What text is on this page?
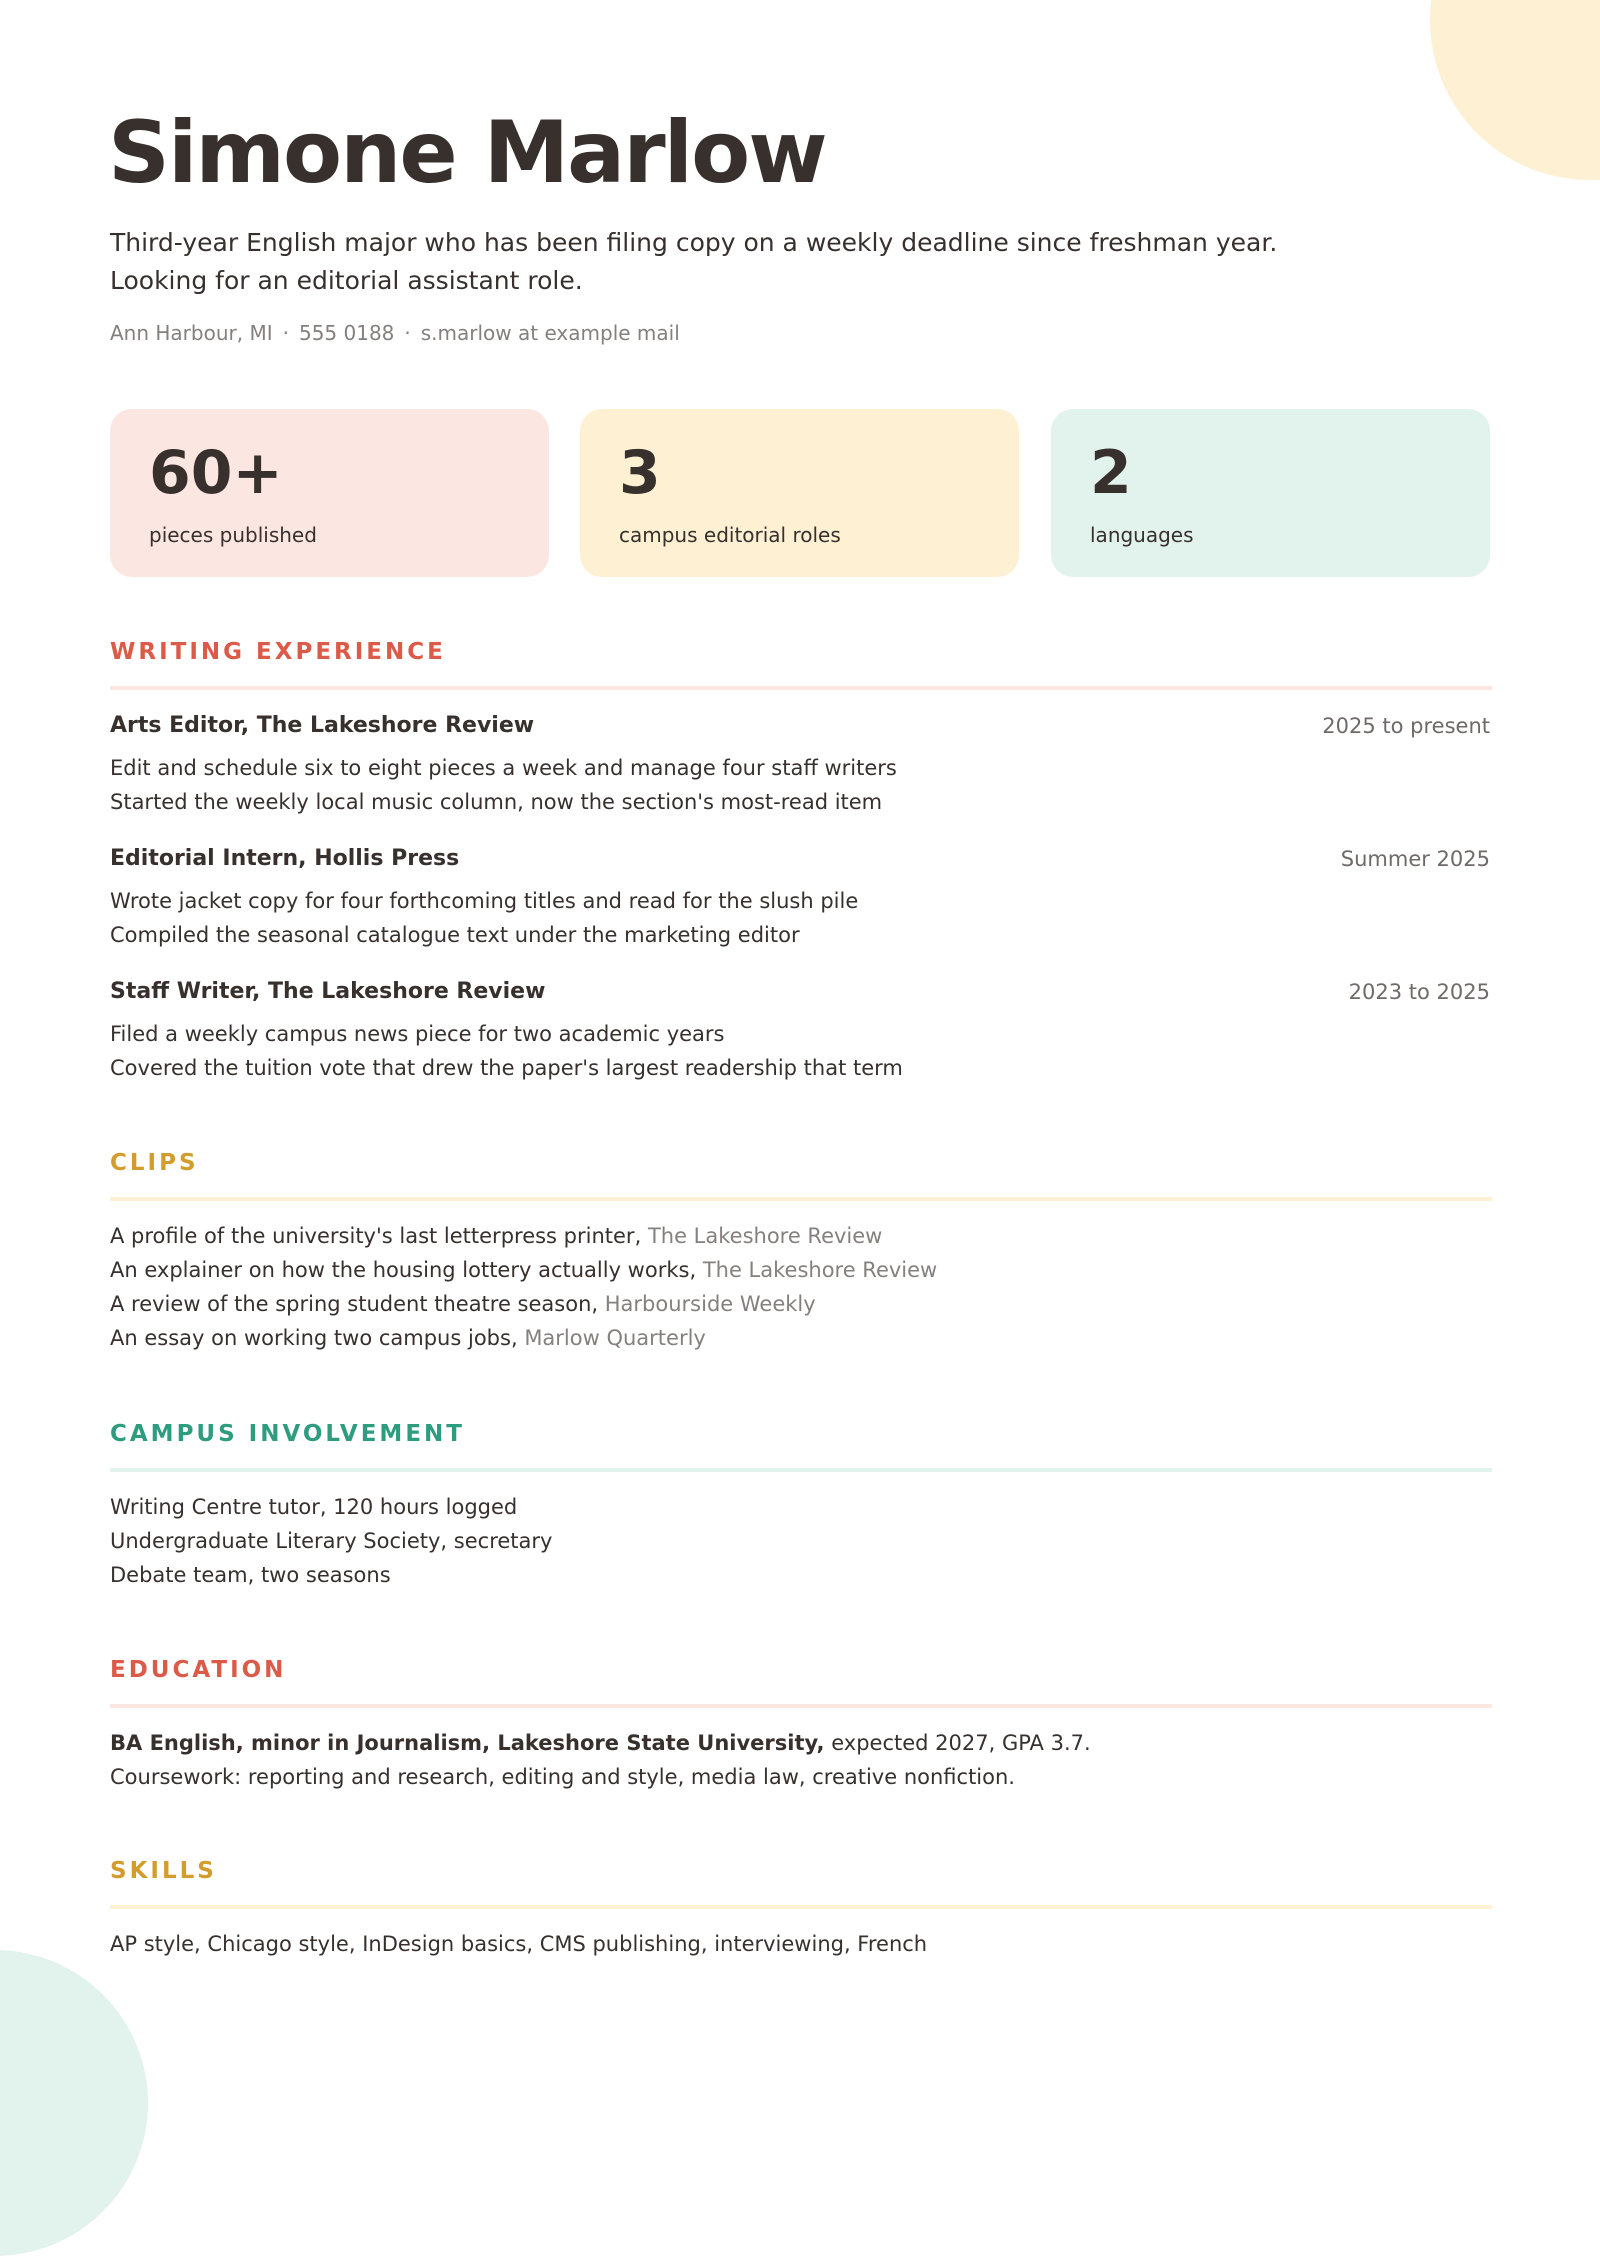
Simone Marlow

Third-year English major who has been filing copy on a weekly deadline since freshman year.
Looking for an editorial assistant role.

Ann Harbour, MI · 555 0188 · s.marlow at example mail

60+
pieces published
3
campus editorial roles
2
languages
WRITING EXPERIENCE
Arts Editor, The Lakeshore Review	2025 to present
Edit and schedule six to eight pieces a week and manage four staff writers
Started the weekly local music column, now the section's most-read item
Editorial Intern, Hollis Press	Summer 2025
Wrote jacket copy for four forthcoming titles and read for the slush pile
Compiled the seasonal catalogue text under the marketing editor
Staff Writer, The Lakeshore Review	2023 to 2025
Filed a weekly campus news piece for two academic years
Covered the tuition vote that drew the paper's largest readership that term
CLIPS
A profile of the university's last letterpress printer, The Lakeshore Review
An explainer on how the housing lottery actually works, The Lakeshore Review
A review of the spring student theatre season, Harbourside Weekly
An essay on working two campus jobs, Marlow Quarterly
CAMPUS INVOLVEMENT
Writing Centre tutor, 120 hours logged
Undergraduate Literary Society, secretary
Debate team, two seasons
EDUCATION
BA English, minor in Journalism, Lakeshore State University, expected 2027, GPA 3.7.
Coursework: reporting and research, editing and style, media law, creative nonfiction.
SKILLS
AP style, Chicago style, InDesign basics, CMS publishing, interviewing, French
